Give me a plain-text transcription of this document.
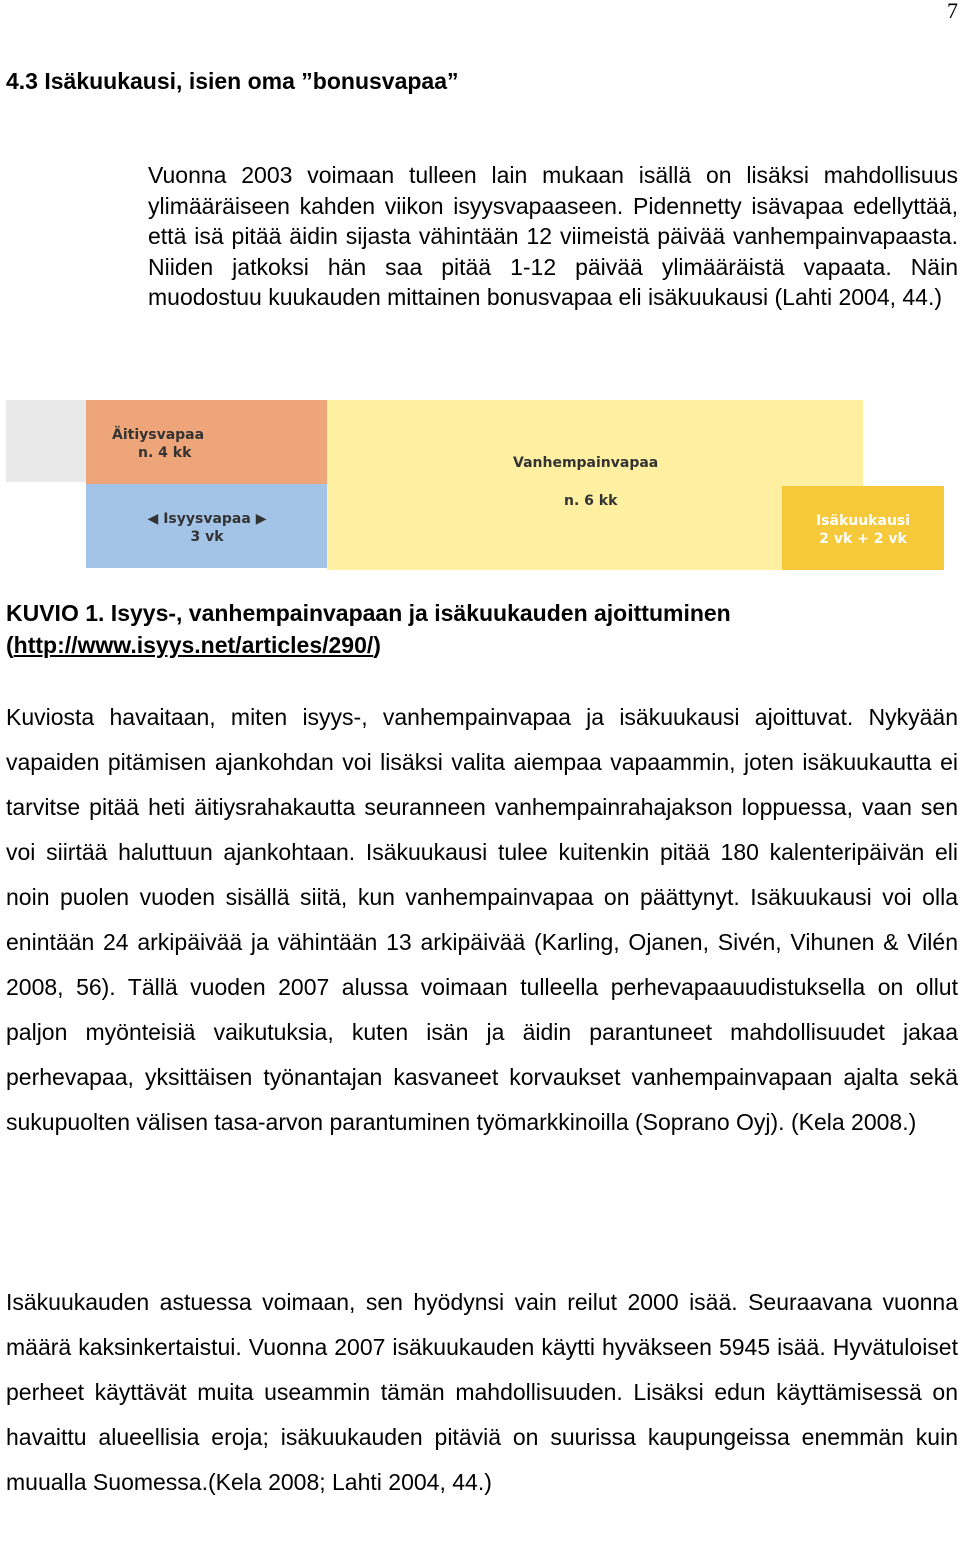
7
4.3 Isäkuukausi, isien oma ”bonusvapaa”

Vuonna 2003 voimaan tulleen lain mukaan isällä on lisäksi mahdollisuus ylimääräiseen kahden viikon isyysvapaaseen. Pidennetty isävapaa edellyttää, että isä pitää äidin sijasta vähintään 12 viimeistä päivää vanhempainvapaasta. Niiden jatkoksi hän saa pitää 1-12 päivää ylimääräistä vapaata. Näin muodostuu kuukauden mittainen bonusvapaa eli isäkuukausi (Lahti 2004, 44.)

Äitiysvapaa
n. 4 kk
Vanhempainvapaa
n. 6 kk
◀ Isyysvapaa ▶
3 vk
Isäkuukausi
2 vk + 2 vk
KUVIO 1. Isyys-, vanhempainvapaan ja isäkuukauden ajoittuminen (http://www.isyys.net/articles/290/)

Kuviosta havaitaan, miten isyys-, vanhempainvapaa ja isäkuukausi ajoittuvat. Nykyään vapaiden pitämisen ajankohdan voi lisäksi valita aiempaa vapaammin, joten isäkuukautta ei tarvitse pitää heti äitiysrahakautta seuranneen vanhempainrahajakson loppuessa, vaan sen voi siirtää haluttuun ajankohtaan. Isäkuukausi tulee kuitenkin pitää 180 kalenteripäivän eli noin puolen vuoden sisällä siitä, kun vanhempainvapaa on päättynyt. Isäkuukausi voi olla enintään 24 arkipäivää ja vähintään 13 arkipäivää (Karling, Ojanen, Sivén, Vihunen & Vilén 2008, 56). Tällä vuoden 2007 alussa voimaan tulleella perhevapaauudistuksella on ollut paljon myönteisiä vaikutuksia, kuten isän ja äidin parantuneet mahdollisuudet jakaa perhevapaa, yksittäisen työnantajan kasvaneet korvaukset vanhempainvapaan ajalta sekä sukupuolten välisen tasa-arvon parantuminen työmarkkinoilla (Soprano Oyj). (Kela 2008.)

Isäkuukauden astuessa voimaan, sen hyödynsi vain reilut 2000 isää. Seuraavana vuonna määrä kaksinkertaistui. Vuonna 2007 isäkuukauden käytti hyväkseen 5945 isää. Hyvätuloiset perheet käyttävät muita useammin tämän mahdollisuuden. Lisäksi edun käyttämisessä on havaittu alueellisia eroja; isäkuukauden pitäviä on suurissa kaupungeissa enemmän kuin muualla Suomessa.(Kela 2008; Lahti 2004, 44.)
